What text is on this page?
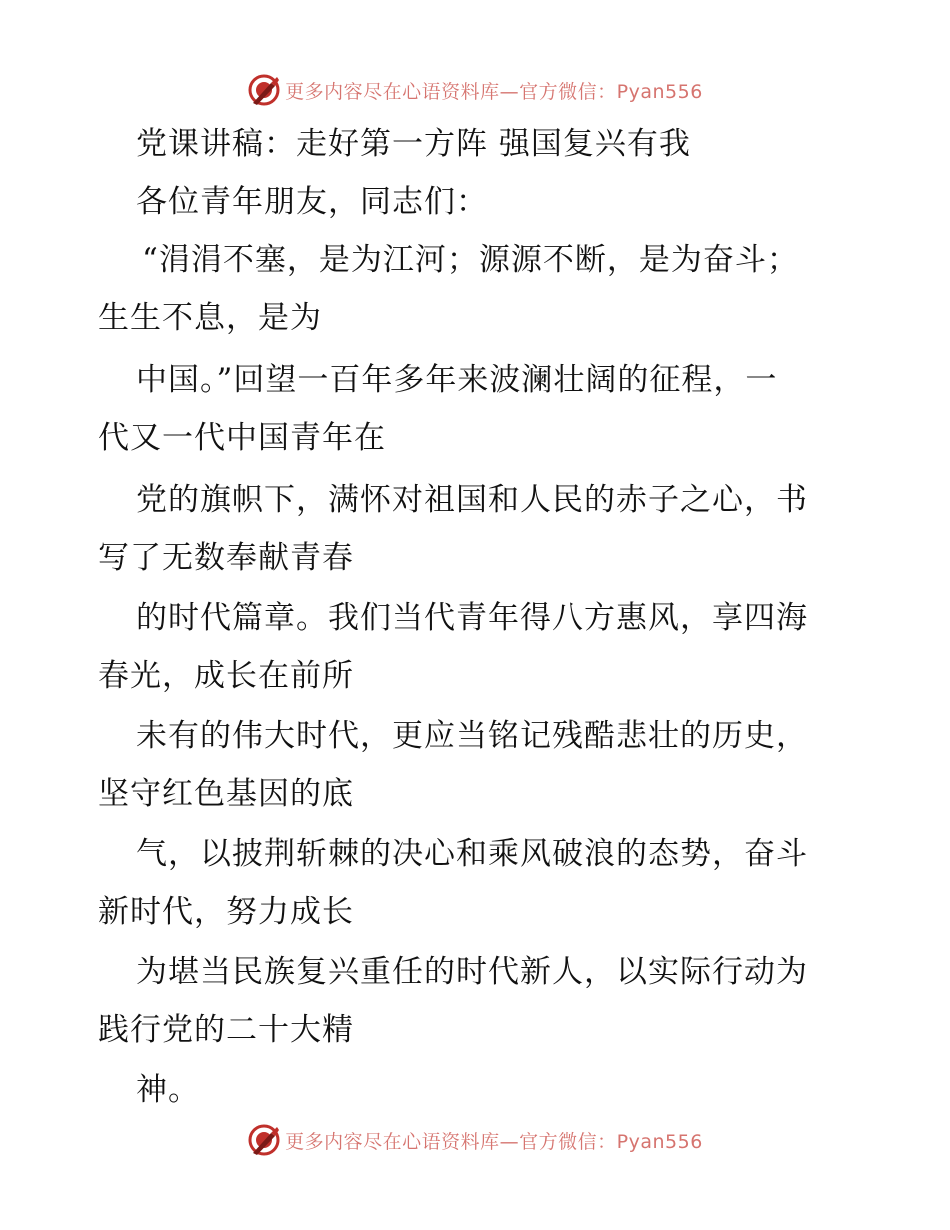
更多内容尽在心语资料库—官方微信：Pyan556
党课讲稿：走好第一方阵 强国复兴有我
各位青年朋友，同志们：
“涓涓不塞，是为江河；源源不断，是为奋斗；
生生不息，是为
中国。”回望一百年多年来波澜壮阔的征程，一
代又一代中国青年在
党的旗帜下，满怀对祖国和人民的赤子之心，书
写了无数奉献青春
的时代篇章。我们当代青年得八方惠风，享四海
春光，成长在前所
未有的伟大时代，更应当铭记残酷悲壮的历史，
坚守红色基因的底
气，以披荆斩棘的决心和乘风破浪的态势，奋斗
新时代，努力成长
为堪当民族复兴重任的时代新人，以实际行动为
践行党的二十大精
神。
更多内容尽在心语资料库—官方微信：Pyan556
